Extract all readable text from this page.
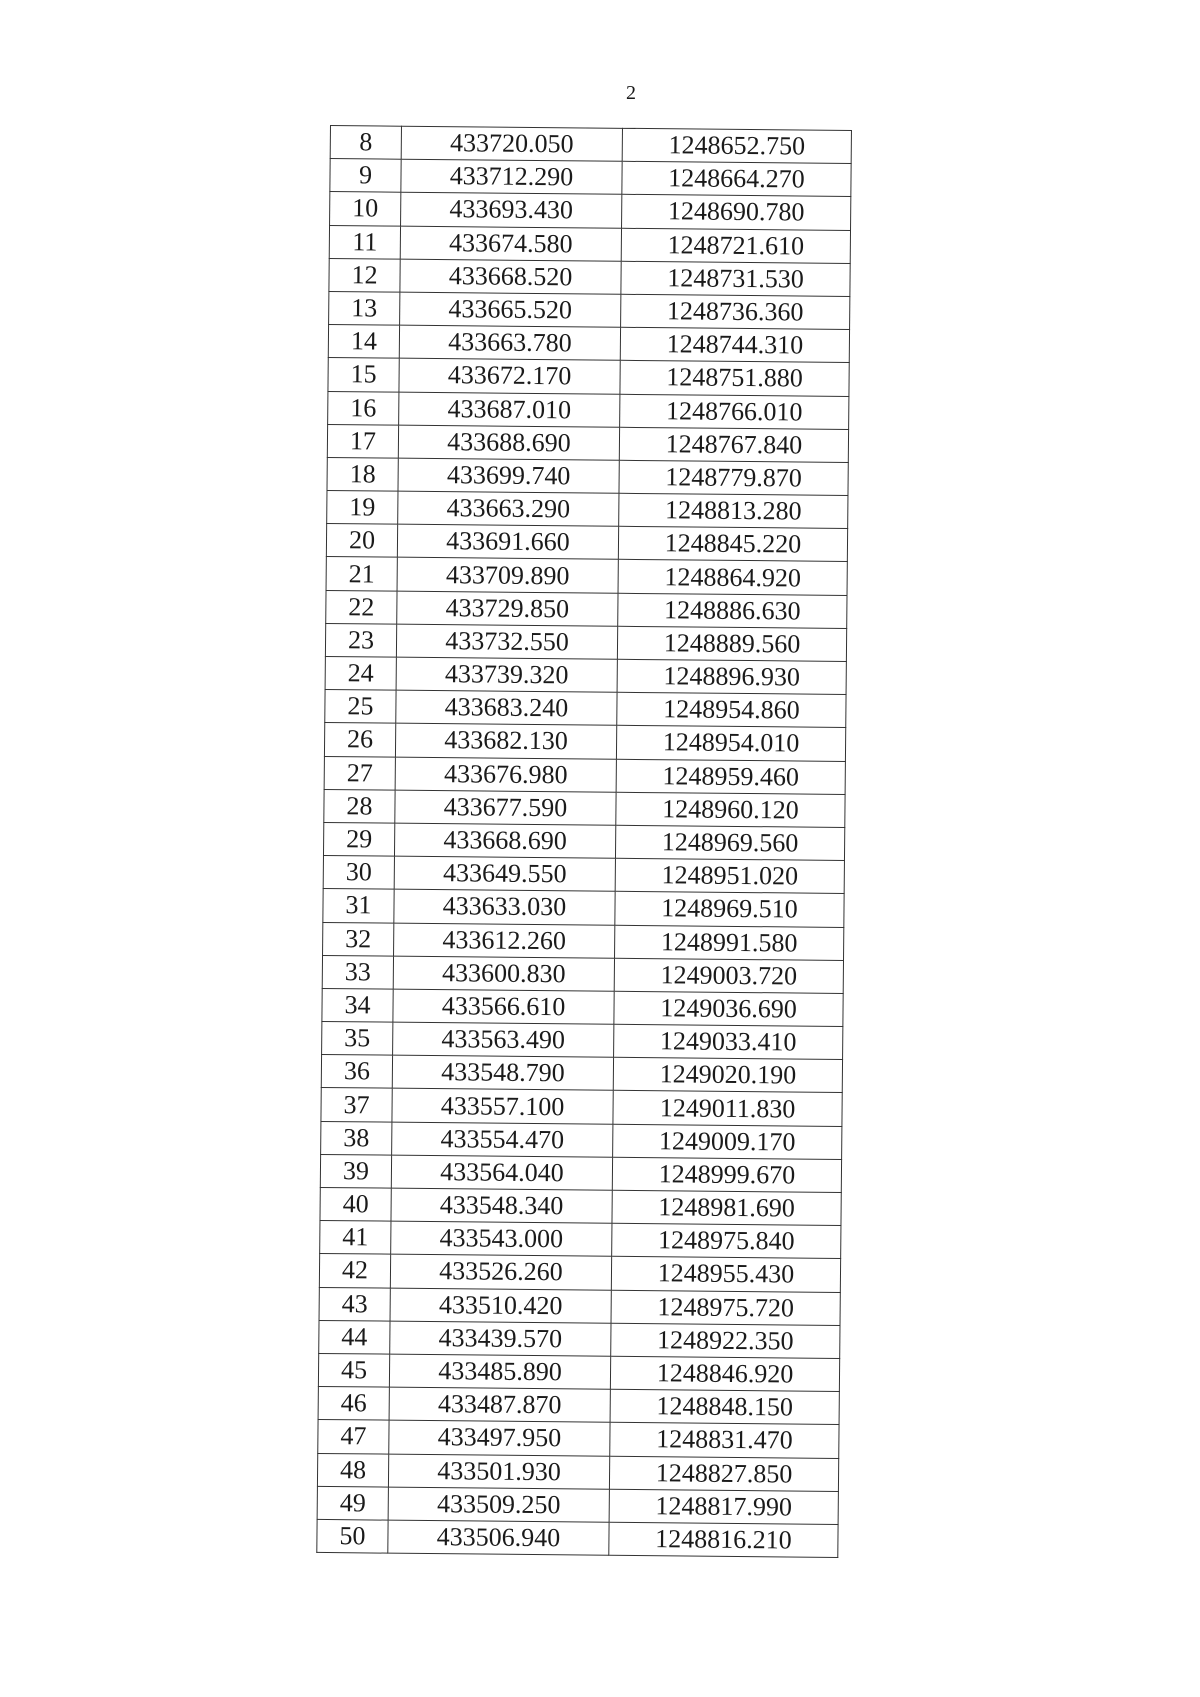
2
8	433720.050	1248652.750
9	433712.290	1248664.270
10	433693.430	1248690.780
11	433674.580	1248721.610
12	433668.520	1248731.530
13	433665.520	1248736.360
14	433663.780	1248744.310
15	433672.170	1248751.880
16	433687.010	1248766.010
17	433688.690	1248767.840
18	433699.740	1248779.870
19	433663.290	1248813.280
20	433691.660	1248845.220
21	433709.890	1248864.920
22	433729.850	1248886.630
23	433732.550	1248889.560
24	433739.320	1248896.930
25	433683.240	1248954.860
26	433682.130	1248954.010
27	433676.980	1248959.460
28	433677.590	1248960.120
29	433668.690	1248969.560
30	433649.550	1248951.020
31	433633.030	1248969.510
32	433612.260	1248991.580
33	433600.830	1249003.720
34	433566.610	1249036.690
35	433563.490	1249033.410
36	433548.790	1249020.190
37	433557.100	1249011.830
38	433554.470	1249009.170
39	433564.040	1248999.670
40	433548.340	1248981.690
41	433543.000	1248975.840
42	433526.260	1248955.430
43	433510.420	1248975.720
44	433439.570	1248922.350
45	433485.890	1248846.920
46	433487.870	1248848.150
47	433497.950	1248831.470
48	433501.930	1248827.850
49	433509.250	1248817.990
50	433506.940	1248816.210
